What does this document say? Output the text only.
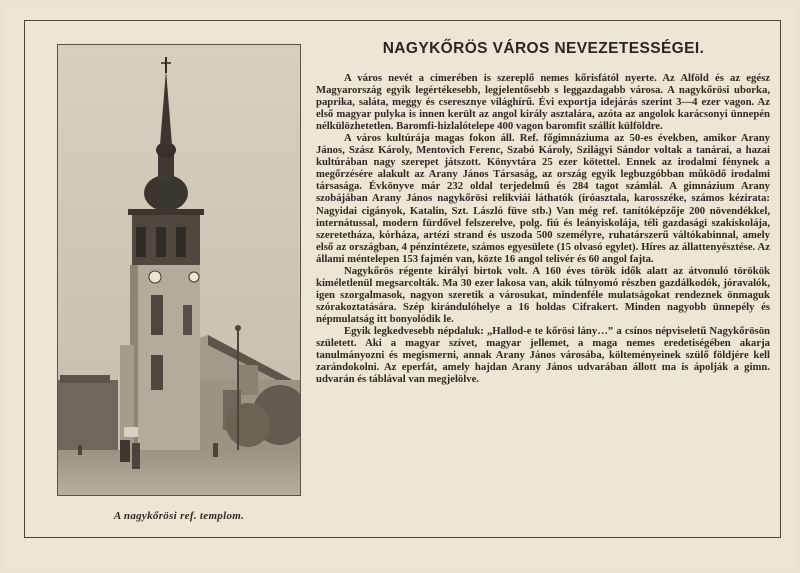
A nagykőrösi ref. templom.
NAGYKŐRÖS VÁROS NEVEZETESSÉGEI.

A város nevét a címerében is szereplő nemes kőrisfától nyerte. Az Alföld és az egész Magyarország egyik legértékesebb, legjelentősebb s leggazdagabb városa. A nagykőrösi uborka, paprika, saláta, meggy és cseresznye világhírű. Évi exportja idejárás szerint 3—4 ezer vagon. Az első magyar pulyka is innen került az angol király asztalára, azóta az angolok karácsonyi ünnepén nélkülözhetetlen. Baromfi-hizlalótelepe 400 vagon baromfit szállít külföldre.

A város kultúrája magas fokon áll. Ref. főgimnáziuma az 50-es években, amikor Arany János, Szász Károly, Mentovich Ferenc, Szabó Károly, Szilágyi Sándor voltak a tanárai, a hazai kultúrában nagy szerepet játszott. Könyvtára 25 ezer kötettel. Ennek az irodalmi fénynek a megőrzésére alakult az Arany János Társaság, az ország egyik legbuzgóbban működő irodalmi társasága. Évkönyve már 232 oldal terjedelmű és 284 tagot számlál. A gimnázium Arany szobájában Arany János nagykőrösi relikviái láthatók (íróasztala, karosszéke, számos kézirata: Nagyidai cigányok, Katalin, Szt. László füve stb.) Van még ref. tanítóképzője 200 növendékkel, internátussal, modern fürdővel felszerelve, polg. fiú és leányiskolája, téli gazdasági szakiskolája, szeretetháza, kórháza, artézi strand és uszoda 500 személyre, ruhatárszerű váltókabinnal, amely első az országban, 4 pénzintézete, számos egyesülete (15 olvasó egylet). Híres az állattenyésztése. Az állami méntelepen 153 fajmén van, közte 16 angol telivér és 60 angol fajta.

Nagykőrös régente királyi birtok volt. A 160 éves török idők alatt az átvonuló törökök kíméletlenül megsarcolták. Ma 30 ezer lakosa van, akik túlnyomó részben gazdálkodók, jóravalók, igen szorgalmasok, nagyon szeretik a városukat, mindenféle mulatságokat rendeznek önmaguk szórakoztatására. Szép kirándulóhelye a 16 holdas Cifrakert. Minden nagyobb ünnepély és népmulatság itt bonyolódik le.

Egyik legkedvesebb népdaluk: „Hallod-e te kőrösi lány…” a csínos népviseletű Nagykőrösön született. Aki a magyar szívet, magyar jellemet, a maga nemes eredetiségében akarja tanulmányozni és megismerni, annak Arany János városába, költeményeinek szülő földjére kell zarándokolni. Az eperfát, amely hajdan Arany János udvarában állott ma is ápolják a gimn. udvarán és táblával van megjelölve.
